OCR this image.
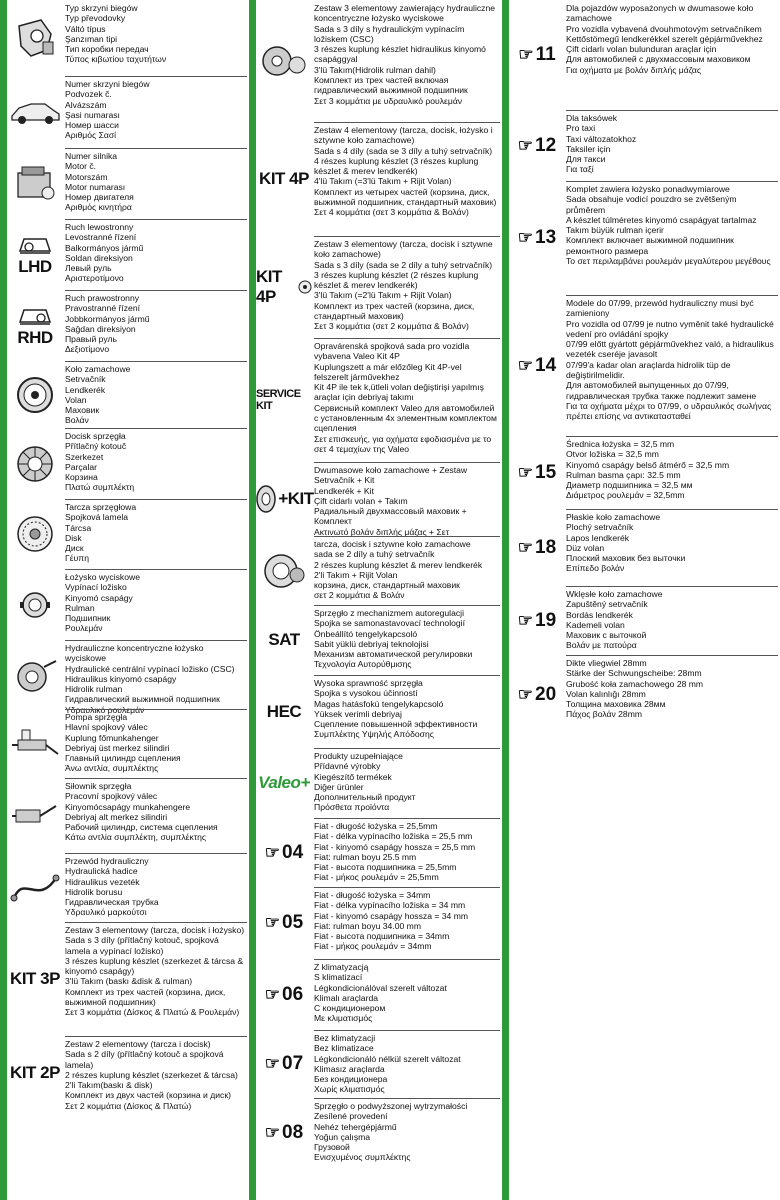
Typ skrzyni biegów
Typ převodovky
Váltó típus
Şanzıman tipi
Тип коробки передач
Τύπος κιβωτίου ταχυτήτων
Numer skrzyni biegów
Podvozek č.
Alvázszám
Şasi numarası
Номер шасси
Αριθμός Σασί
Numer silnika
Motor č.
Motorszám
Motor numarası
Номер двигателя
Αριθμός κινητήρα
LHD
Ruch lewostronny
Levostranné řízení
Balkormányos jármű
Soldan direksiyon
Левый руль
Αριστεροτίμονο
RHD
Ruch prawostronny
Pravostranné řízení
Jobbkormányos jármű
Sağdan direksiyon
Правый руль
Δεξιοτίμονο
Koło zamachowe
Setrvačník
Lendkerék
Volan
Маховик
Βολάν
Docisk sprzęgła
Přítlačný kotouč
Szerkezet
Parçalar
Корзина
Πλατώ συμπλέκτη
Tarcza sprzęgłowa
Spojková lamela
Tárcsa
Disk
Диск
Γέυπη
Łożysko wyciskowe
Vypínací ložisko
Kinyomó csapágy
Rulman
Подшипник
Ρουλεμάν
Hydrauliczne koncentryczne łożysko wyciskowe
Hydraulické centrální vypínací ložisko (CSC)
Hidraulikus kinyomó csapágy
Hidrolik rulman
Гидравлический выжимной подшипник
Υδραυλικό ρουλεμάν
Pompa sprzęgła
Hlavní spojkový válec
Kuplung főmunkahenger
Debriyaj üst merkez silindiri
Главный цилиндр сцепления
Άνω αντλία, συμπλέκτης
Siłownik sprzęgła
Pracovní spojkový válec
Kinyomócsapágy munkahengere
Debriyaj alt merkez silindiri
Рабочий цилиндр, система сцепления
Κάτω αντλία συμπλέκτη, συμπλέκτης
Przewód hydrauliczny
Hydraulická hadice
Hidraulikus vezeték
Hidrolik borusu
Гидравлическая трубка
Υδραυλικό μαρκούτσι
KIT 3P
Zestaw 3 elementowy (tarcza, docisk i łożysko)
Sada s 3 díly (přítlačný kotouč, spojková lamela a vypínací ložisko)
3 részes kuplung készlet (szerkezet & tárcsa & kinyomó csapágy)
3'lü Takım (baskı &disk & rulman)
Комплект из трех частей (корзина, диск, выжимной подшипник)
Σετ 3 κομμάτια (Δίσκος & Πλατώ & Ρουλεμάν)
KIT 2P
Zestaw 2 elementowy (tarcza i docisk)
Sada s 2 díly (přítlačný kotouč a spojková lamela)
2 részes kuplung készlet (szerkezet & tárcsa)
2'li Takım(baskı & disk)
Комплект из двух частей (корзина и диск)
Σετ 2 κομμάτια (Δίσκος & Πλατώ)
Zestaw 3 elementowy zawierający hydrauliczne koncentryczne łożysko wyciskowe
Sada s 3 díly s hydraulickým vypínacím ložiskem (CSC)
3 részes kuplung készlet hidraulikus kinyomó csapággyal
3'lü Takım(Hidrolik rulman dahil)
Комплект из трех частей включая гидравлический выжимной подшипник
Σετ 3 κομμάτια με υδραυλικό ρουλεμάν
KIT 4P
Zestaw 4 elementowy (tarcza, docisk, łożysko i sztywne koło zamachowe)
Sada s 4 díly (sada se 3 díly a tuhý setrvačník)
4 részes kuplung készlet (3 részes kuplung készlet & merev lendkerék)
4'lü Takım (=3'lü Takım + Rijit Volan)
Комплект из четырех частей (корзина, диск, выжимной подшипник, стандартный маховик)
Σετ 4 κομμάτια (σετ 3 κομμάτια & Βολάν)
KIT 4P
Zestaw 3 elementowy (tarcza, docisk i sztywne koło zamachowe)
Sada s 3 díly (sada se 2 díly a tuhý setrvačník)
3 részes kuplung készlet (2 részes kuplung készlet & merev lendkerék)
3'lü Takım (=2'lü Takım + Rijit Volan)
Комплект из трех частей (корзина, диск, стандартный маховик)
Σετ 3 κομμάτια (σετ 2 κομμάτια & Βολάν)
SERVICE KIT
Opravárenská spojková sada pro vozidla vybavena Valeo Kit 4P
Kuplungszett a már előzőleg Kit 4P-vel felszerelt járművekhez
Kit 4P ile tek k,ütleli volan değiştirişi yapılmış araçlar için debriyaj takımı
Сервисный комплект Valeo для автомобилей с установленным 4х элементным комплектом сцепления
Σετ επισκευής, για οχήματα εφοδιασμένα με το σετ 4 τεμαχίων της Valeo
+KIT
Dwumasowe koło zamachowe + Zestaw
Setrvačník + Kit
Lendkerék + Kit
Çift cidarlı volan + Takım
Радиальный двухмассовый маховик + Комплект
Ακτινωτό βολάν διπλής μάζας + Σετ
tarcza, docisk i sztywne koło zamachowe
sada se 2 díly a tuhý setrvačník
2 részes kuplung készlet & merev lendkerék
2'li Takım + Rijit Volan
корзина, диск, стандартный маховик
σετ 2 κομμάτια & Βολάν
SAT
Sprzęgło z mechanizmem autoregulacji
Spojka se samonastavovací technologií
Önbeállító tengelykapcsoló
Sabit yüklü debriyaj teknolojisi
Механизм автоматической регулировки
Τεχνολογία Αυτορύθμισης
HEC
Wysoka sprawność sprzęgła
Spojka s vysokou účinností
Magas hatásfokú tengelykapcsoló
Yüksek verimli debriyaj
Сцепление повышенной эффективности
Συμπλέκτης Υψηλής Απόδοσης
Valeo+
Produkty uzupełniające
Přídavné výrobky
Kiegészítő termékek
Diğer ürünler
Дополнительный продукт
Πρόσθετα προϊόντα
☞ 04
Fiat - długość łożyska = 25,5mm
Fiat - délka vypínacího ložiska = 25,5 mm
Fiat - kinyomó csapágy hossza = 25,5 mm
Fiat: rulman boyu 25.5 mm
Fiat - высота подшипника = 25,5mm
Fiat - μήκος ρουλεμάν = 25,5mm
☞ 05
Fiat - długość łożyska = 34mm
Fiat - délka vypínacího ložiska = 34 mm
Fiat - kinyomó csapágy hossza = 34 mm
Fiat: rulman boyu 34.00 mm
Fiat - высота подшипника = 34mm
Fiat - μήκος ρουλεμάν = 34mm
☞ 06
Z klimatyzacją
S klimatizací
Légkondicionálóval szerelt változat
Klimalı araçlarda
С кондиционером
Με κλιματισμός
☞ 07
Bez klimatyzacji
Bez klimatizace
Légkondicionáló nélkül szerelt változat
Klimasız araçlarda
Без кондиционера
Χωρίς κλιματισμός
☞ 08
Sprzęgło o podwyższonej wytrzymałości
Zesílené provedení
Nehéz tehergépjármű
Yoğun çalışma
Грузовой
Ενισχυμένος συμπλέκτης
☞ 11
Dla pojazdów wyposażonych w dwumasowe koło zamachowe
Pro vozidla vybavená dvouhmotovým setrvačníkem
Kettőstömegű lendkerékkel szerelt gépjárművekhez
Çift cidarlı volan bulunduran araçlar için
Для автомобилей с двухмассовым маховиком
Για οχήματα με βολάν διπλής μάζας
☞ 12
Dla taksówek
Pro taxi
Taxi változatokhoz
Taksiler için
Для такси
Για ταξί
☞ 13
Komplet zawiera łożysko ponadwymiarowe
Sada obsahuje vodicí pouzdro se zvětšeným průměrem
A készlet túlméretes kinyomó csapágyat tartalmaz
Takım büyük rulman içerir
Комплект включает выжимной подшипник ремонтного размера
Το σετ περιλαμβάνει ρουλεμάν μεγαλύτερου μεγέθους
☞ 14
Modele do 07/99, przewód hydrauliczny musi być zamieniony
Pro vozidla od 07/99 je nutno vyměnit také hydraulické vedení pro ovládání spojky
07/99 előtt gyártott gépjárművekhez való, a hidraulikus vezeték cseréje javasolt
07/99'a kadar olan araçlarda hidrolik tüp de değiştirilmelidir.
Для автомобилей выпущенных до 07/99, гидравлическая трубка также подлежит замене
Για τα οχήματα μέχρι το 07/99, ο υδραυλικός σωλήνας πρέπει επίσης να αντικατασταθεί
☞ 15
Średnica łożyska = 32,5 mm
Otvor ložiska = 32,5 mm
Kinyomó csapágy belső átmérő = 32,5 mm
Rulman basma çapı: 32.5 mm
Диаметр подшипника = 32,5 мм
Διάμετρος ρουλεμάν = 32,5mm
☞ 18
Płaskie koło zamachowe
Plochý setrvačník
Lapos lendkerék
Düz volan
Плоский маховик без выточки
Επίπεδο βολάν
☞ 19
Wklęsłe koło zamachowe
Zapuštěný setrvačník
Bordás lendkerék
Kademeli volan
Маховик с выточкой
Βολάν με πατούρα
☞ 20
Dikte vliegwiel 28mm
Stärke der Schwungscheibe: 28mm
Grubość koła zamachowego 28 mm
Volan kalınlığı 28mm
Толщина маховика 28мм
Πάχος βολάν 28mm
